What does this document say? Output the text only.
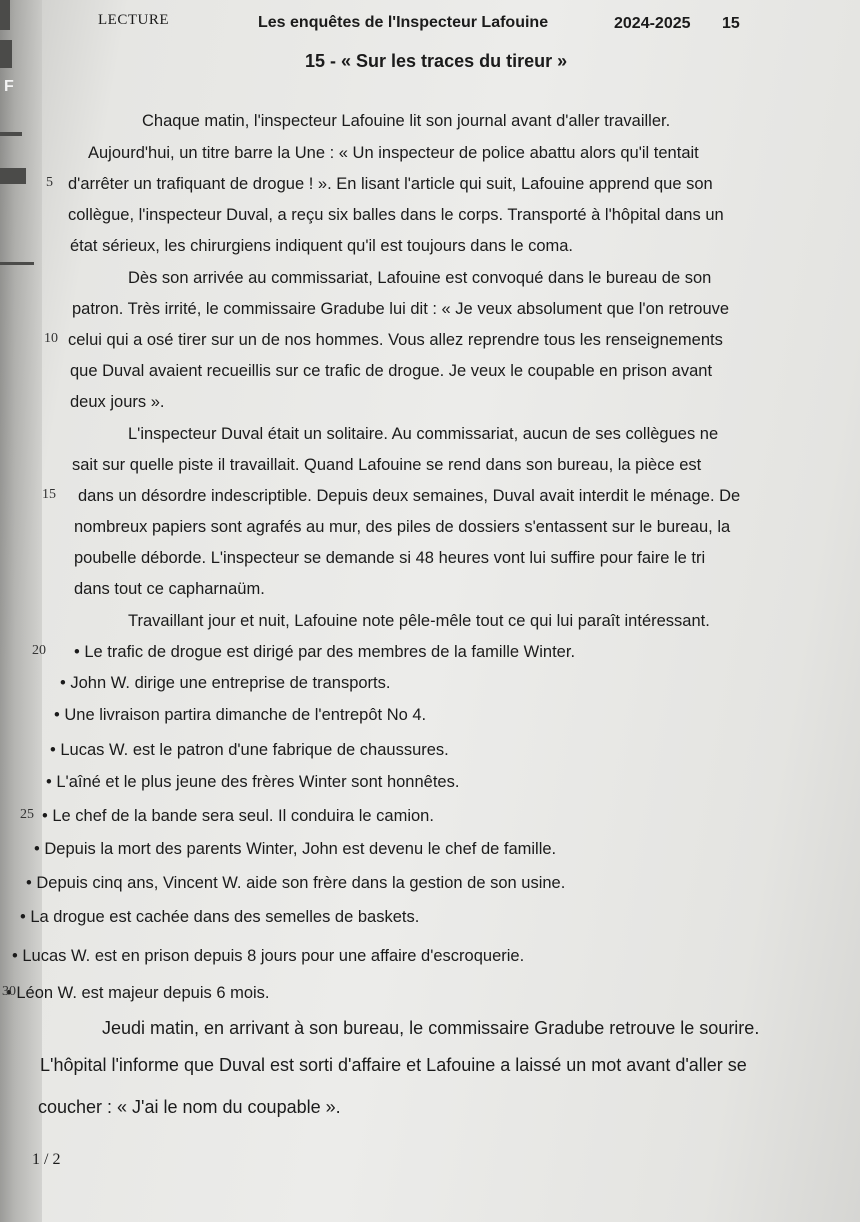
F
LECTURE	Les enquêtes de l'Inspecteur Lafouine	2024-2025 15
15 - « Sur les traces du tireur »
Chaque matin, l'inspecteur Lafouine lit son journal avant d'aller travailler.
Aujourd'hui, un titre barre la Une : « Un inspecteur de police abattu alors qu'il tentait
d'arrêter un trafiquant de drogue ! ». En lisant l'article qui suit, Lafouine apprend que son
collègue, l'inspecteur Duval, a reçu six balles dans le corps. Transporté à l'hôpital dans un
état sérieux, les chirurgiens indiquent qu'il est toujours dans le coma.
Dès son arrivée au commissariat, Lafouine est convoqué dans le bureau de son
patron. Très irrité, le commissaire Gradube lui dit : « Je veux absolument que l'on retrouve
celui qui a osé tirer sur un de nos hommes. Vous allez reprendre tous les renseignements
que Duval avaient recueillis sur ce trafic de drogue. Je veux le coupable en prison avant
deux jours ».
L'inspecteur Duval était un solitaire. Au commissariat, aucun de ses collègues ne
sait sur quelle piste il travaillait. Quand Lafouine se rend dans son bureau, la pièce est
dans un désordre indescriptible. Depuis deux semaines, Duval avait interdit le ménage. De
nombreux papiers sont agrafés au mur, des piles de dossiers s'entassent sur le bureau, la
poubelle déborde. L'inspecteur se demande si 48 heures vont lui suffire pour faire le tri
dans tout ce capharnaüm.
Travaillant jour et nuit, Lafouine note pêle-mêle tout ce qui lui paraît intéressant.
• Le trafic de drogue est dirigé par des membres de la famille Winter.
• John W. dirige une entreprise de transports.
• Une livraison partira dimanche de l'entrepôt No 4.
• Lucas W. est le patron d'une fabrique de chaussures.
• L'aîné et le plus jeune des frères Winter sont honnêtes.
• Le chef de la bande sera seul. Il conduira le camion.
• Depuis la mort des parents Winter, John est devenu le chef de famille.
• Depuis cinq ans, Vincent W. aide son frère dans la gestion de son usine.
• La drogue est cachée dans des semelles de baskets.
• Lucas W. est en prison depuis 8 jours pour une affaire d'escroquerie.
• Léon W. est majeur depuis 6 mois.
Jeudi matin, en arrivant à son bureau, le commissaire Gradube retrouve le sourire.
L'hôpital l'informe que Duval est sorti d'affaire et Lafouine a laissé un mot avant d'aller se
coucher : « J'ai le nom du coupable ».
5
10
15
20
25
30
1 / 2
